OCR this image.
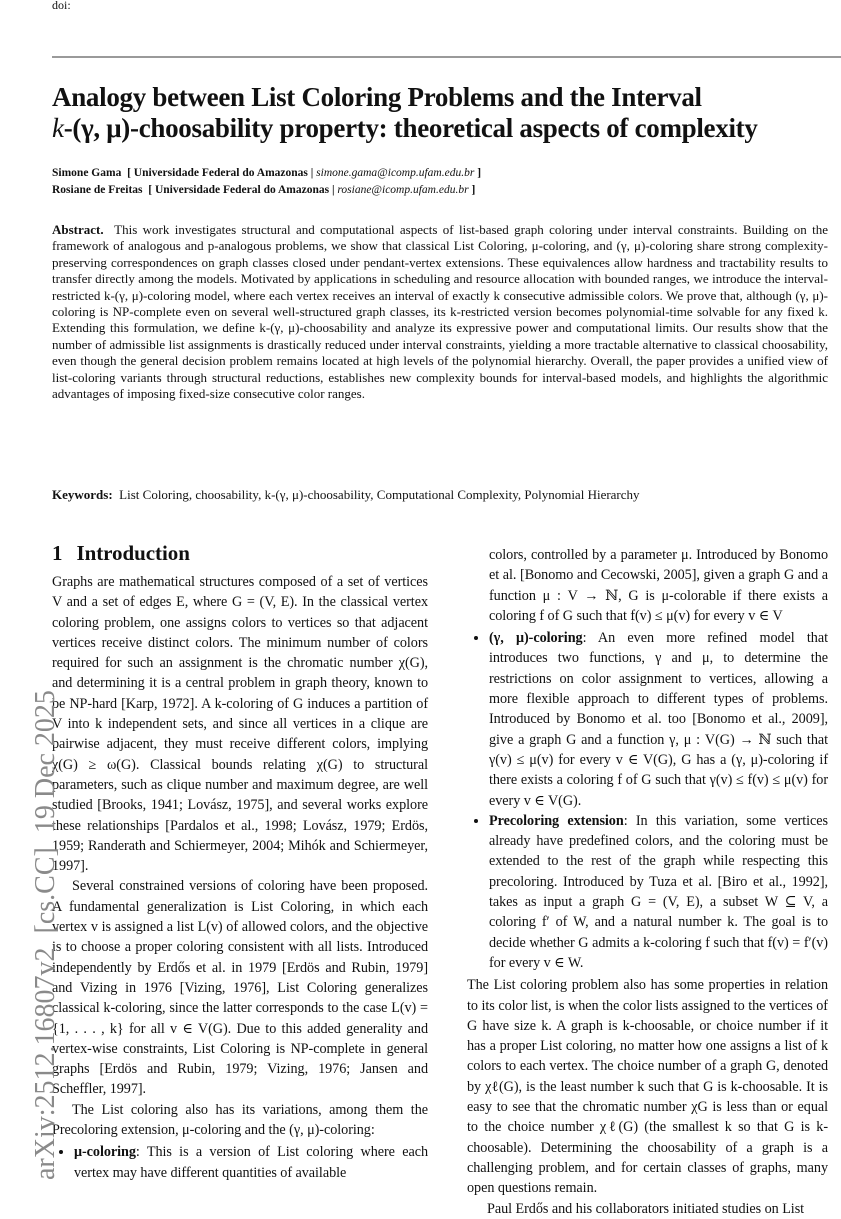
doi:
Analogy between List Coloring Problems and the Interval
k-(γ, μ)-choosability property: theoretical aspects of complexity
Simone Gama [ Universidade Federal do Amazonas | simone.gama@icomp.ufam.edu.br ]
Rosiane de Freitas [ Universidade Federal do Amazonas | rosiane@icomp.ufam.edu.br ]
Abstract. This work investigates structural and computational aspects of list-based graph coloring under interval constraints. Building on the framework of analogous and p-analogous problems, we show that classical List Coloring, μ-coloring, and (γ, μ)-coloring share strong complexity-preserving correspondences on graph classes closed under pendant-vertex extensions. These equivalences allow hardness and tractability results to transfer directly among the models. Motivated by applications in scheduling and resource allocation with bounded ranges, we introduce the interval-restricted k-(γ, μ)-coloring model, where each vertex receives an interval of exactly k consecutive admissible colors. We prove that, although (γ, μ)-coloring is NP-complete even on several well-structured graph classes, its k-restricted version becomes polynomial-time solvable for any fixed k. Extending this formulation, we define k-(γ, μ)-choosability and analyze its expressive power and computational limits. Our results show that the number of admissible list assignments is drastically reduced under interval constraints, yielding a more tractable alternative to classical choosability, even though the general decision problem remains located at high levels of the polynomial hierarchy. Overall, the paper provides a unified view of list-coloring variants through structural reductions, establishes new complexity bounds for interval-based models, and highlights the algorithmic advantages of imposing fixed-size consecutive color ranges.
Keywords: List Coloring, choosability, k-(γ, μ)-choosability, Computational Complexity, Polynomial Hierarchy
1 Introduction

Graphs are mathematical structures composed of a set of vertices V and a set of edges E, where G = (V, E). In the classical vertex coloring problem, one assigns colors to vertices so that adjacent vertices receive distinct colors. The minimum number of colors required for such an assignment is the chromatic number χ(G), and determining it is a central problem in graph theory, known to be NP-hard [Karp, 1972]. A k-coloring of G induces a partition of V into k independent sets, and since all vertices in a clique are pairwise adjacent, they must receive different colors, implying χ(G) ≥ ω(G). Classical bounds relating χ(G) to structural parameters, such as clique number and maximum degree, are well studied [Brooks, 1941; Lovász, 1975], and several works explore these relationships [Pardalos et al., 1998; Lovász, 1979; Erdös, 1959; Randerath and Schiermeyer, 2004; Mihók and Schiermeyer, 1997].

Several constrained versions of coloring have been proposed. A fundamental generalization is List Coloring, in which each vertex v is assigned a list L(v) of allowed colors, and the objective is to choose a proper coloring consistent with all lists. Introduced independently by Erdős et al. in 1979 [Erdös and Rubin, 1979] and Vizing in 1976 [Vizing, 1976], List Coloring generalizes classical k-coloring, since the latter corresponds to the case L(v) = {1, . . . , k} for all v ∈ V(G). Due to this added generality and vertex-wise constraints, List Coloring is NP-complete in general graphs [Erdös and Rubin, 1979; Vizing, 1976; Jansen and Scheffler, 1997].

The List coloring also has its variations, among them the Precoloring extension, μ-coloring and the (γ, μ)-coloring:

• μ-coloring: This is a version of List coloring where each vertex may have different quantities of available
colors, controlled by a parameter μ. Introduced by Bonomo et al. [Bonomo and Cecowski, 2005], given a graph G and a function μ : V → ℕ, G is μ-colorable if there exists a coloring f of G such that f(v) ≤ μ(v) for every v ∈ V
• (γ, μ)-coloring: An even more refined model that introduces two functions, γ and μ, to determine the restrictions on color assignment to vertices, allowing a more flexible approach to different types of problems. Introduced by Bonomo et al. too [Bonomo et al., 2009], give a graph G and a function γ, μ : V(G) → ℕ such that γ(v) ≤ μ(v) for every v ∈ V(G), G has a (γ, μ)-coloring if there exists a coloring f of G such that γ(v) ≤ f(v) ≤ μ(v) for every v ∈ V(G).
• Precoloring extension: In this variation, some vertices already have predefined colors, and the coloring must be extended to the rest of the graph while respecting this precoloring. Introduced by Tuza et al. [Biro et al., 1992], takes as input a graph G = (V, E), a subset W ⊆ V, a coloring f′ of W, and a natural number k. The goal is to decide whether G admits a k-coloring f such that f(v) = f′(v) for every v ∈ W.

The List coloring problem also has some properties in relation to its color list, is when the color lists assigned to the vertices of G have size k. A graph is k-choosable, or choice number if it has a proper List coloring, no matter how one assigns a list of k colors to each vertex. The choice number of a graph G, denoted by χℓ(G), is the least number k such that G is k-choosable. It is easy to see that the chromatic number χG is less than or equal to the choice number χℓ(G) (the smallest k so that G is k-choosable). Determining the choosability of a graph is a challenging problem, and for certain classes of graphs, many open questions remain.

Paul Erdős and his collaborators initiated studies on List

arXiv:2512.16807v2  [cs.CC]  19 Dec 2025
